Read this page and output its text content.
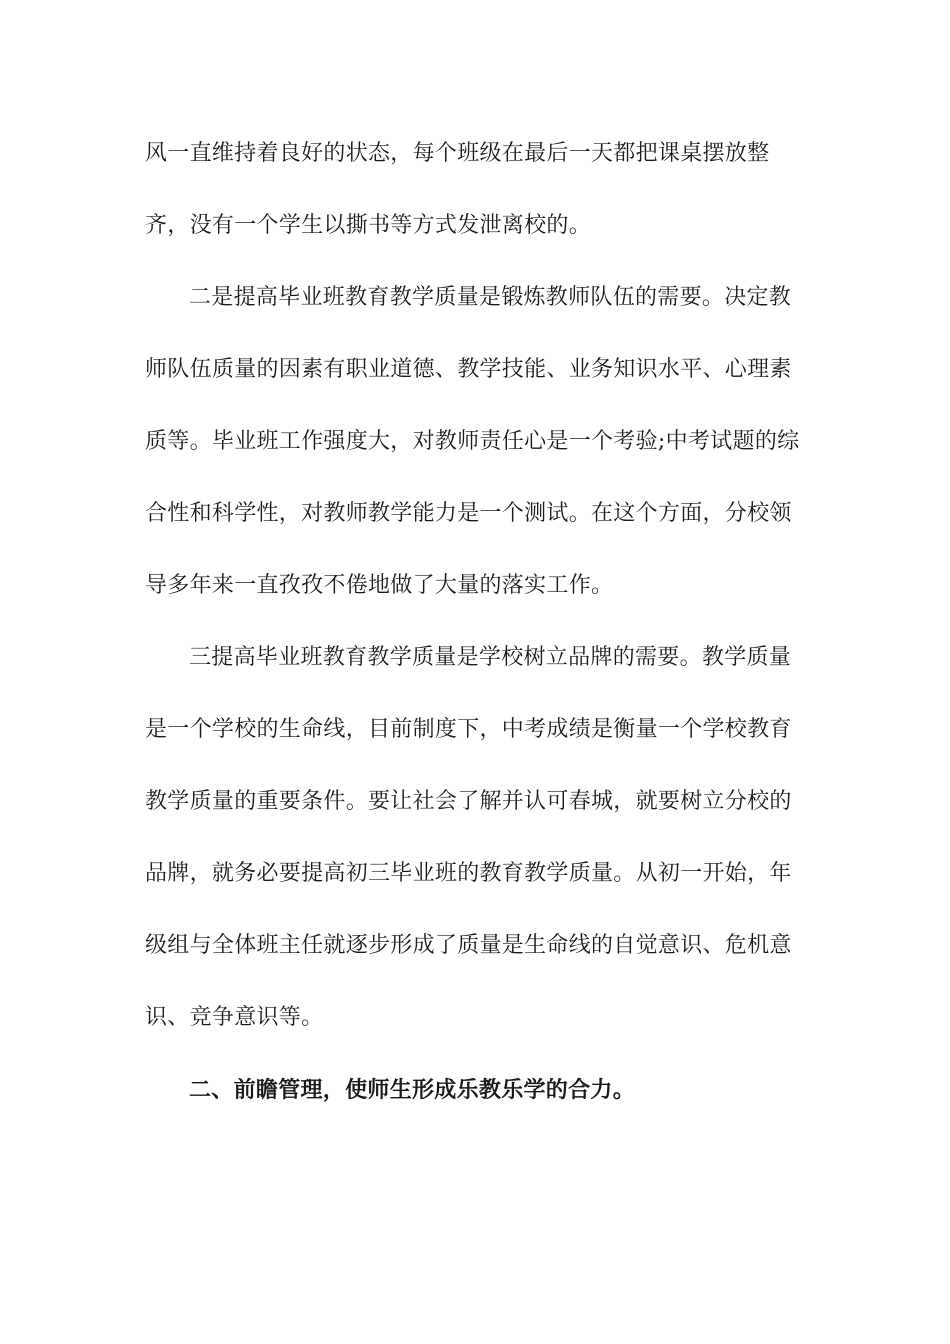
风一直维持着良好的状态，每个班级在最后一天都把课桌摆放整
齐，没有一个学生以撕书等方式发泄离校的。
二是提高毕业班教育教学质量是锻炼教师队伍的需要。决定教
师队伍质量的因素有职业道德、教学技能、业务知识水平、心理素
质等。毕业班工作强度大，对教师责任心是一个考验;中考试题的综
合性和科学性，对教师教学能力是一个测试。在这个方面，分校领
导多年来一直孜孜不倦地做了大量的落实工作。
三提高毕业班教育教学质量是学校树立品牌的需要。教学质量
是一个学校的生命线，目前制度下，中考成绩是衡量一个学校教育
教学质量的重要条件。要让社会了解并认可春城，就要树立分校的
品牌，就务必要提高初三毕业班的教育教学质量。从初一开始，年
级组与全体班主任就逐步形成了质量是生命线的自觉意识、危机意
识、竞争意识等。
二、前瞻管理，使师生形成乐教乐学的合力。
